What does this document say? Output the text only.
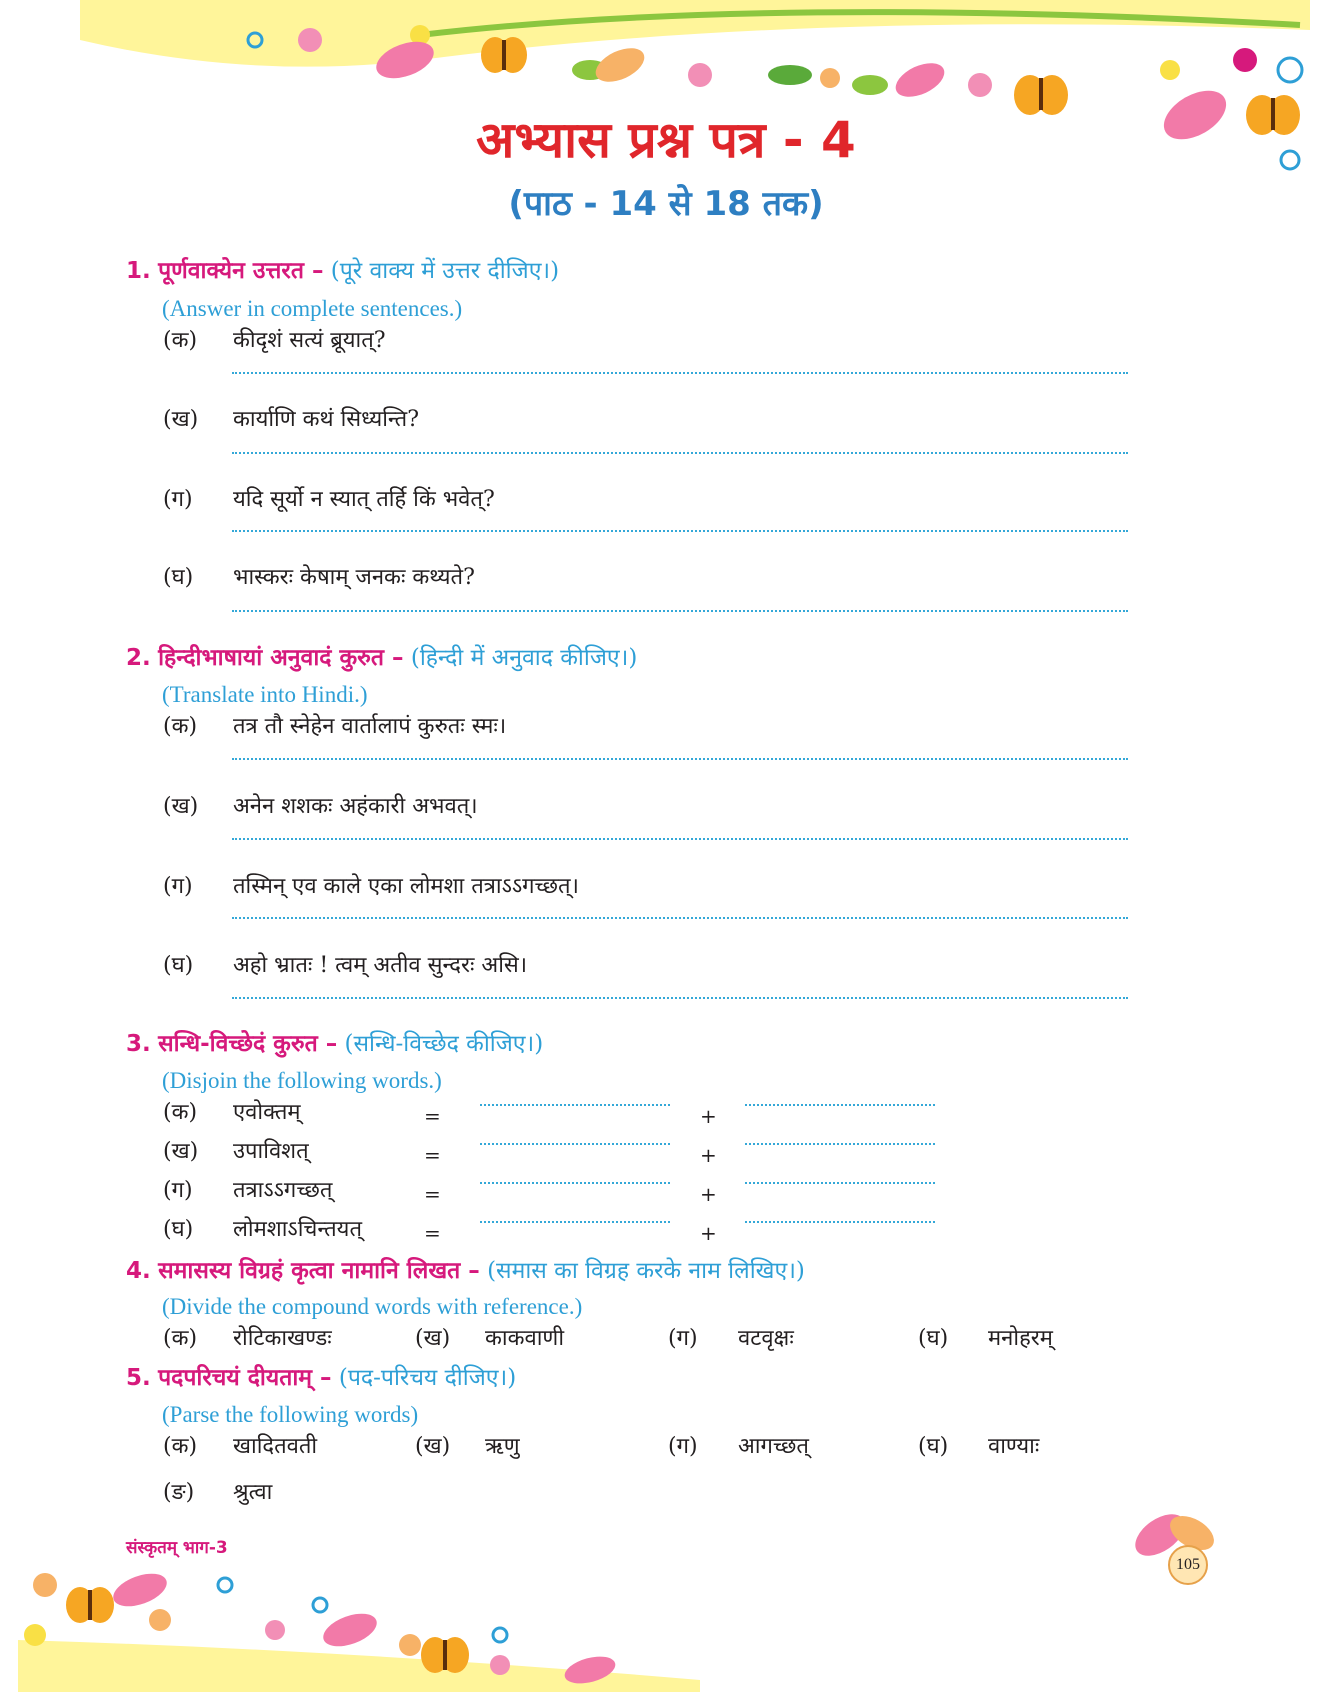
अभ्यास प्रश्न पत्र - 4
(पाठ - 14 से 18 तक)
1. पूर्णवाक्येन उत्तरत – (पूरे वाक्य में उत्तर दीजिए।)
(Answer in complete sentences.)
(क) कीदृशं सत्यं ब्रूयात्?
(ख) कार्याणि कथं सिध्यन्ति?
(ग) यदि सूर्यो न स्यात् तर्हि किं भवेत्?
(घ) भास्करः केषाम् जनकः कथ्यते?
2. हिन्दीभाषायां अनुवादं कुरुत – (हिन्दी में अनुवाद कीजिए।)
(Translate into Hindi.)
(क) तत्र तौ स्नेहेन वार्तालापं कुरुतः स्मः।
(ख) अनेन शशकः अहंकारी अभवत्।
(ग) तस्मिन् एव काले एका लोमशा तत्राऽऽगच्छत्।
(घ) अहो भ्रातः ! त्वम् अतीव सुन्दरः असि।
3. सन्धि-विच्छेदं कुरुत – (सन्धि-विच्छेद कीजिए।)
(Disjoin the following words.)
(क) एवोक्तम्	=	+
(ख) उपाविशत्	=	+
(ग) तत्राऽऽगच्छत्	=	+
(घ) लोमशाऽचिन्तयत्	=	+
4. समासस्य विग्रहं कृत्वा नामानि लिखत – (समास का विग्रह करके नाम लिखिए।)
(Divide the compound words with reference.)
(क) रोटिकाखण्डः	(ख) काकवाणी	(ग) वटवृक्षः	(घ) मनोहरम्
5. पदपरिचयं दीयताम् – (पद-परिचय दीजिए।)
(Parse the following words)
(क) खादितवती	(ख) ऋणु	(ग) आगच्छत्	(घ) वाण्याः
(ङ) श्रुत्वा
संस्कृतम् भाग-3
105
